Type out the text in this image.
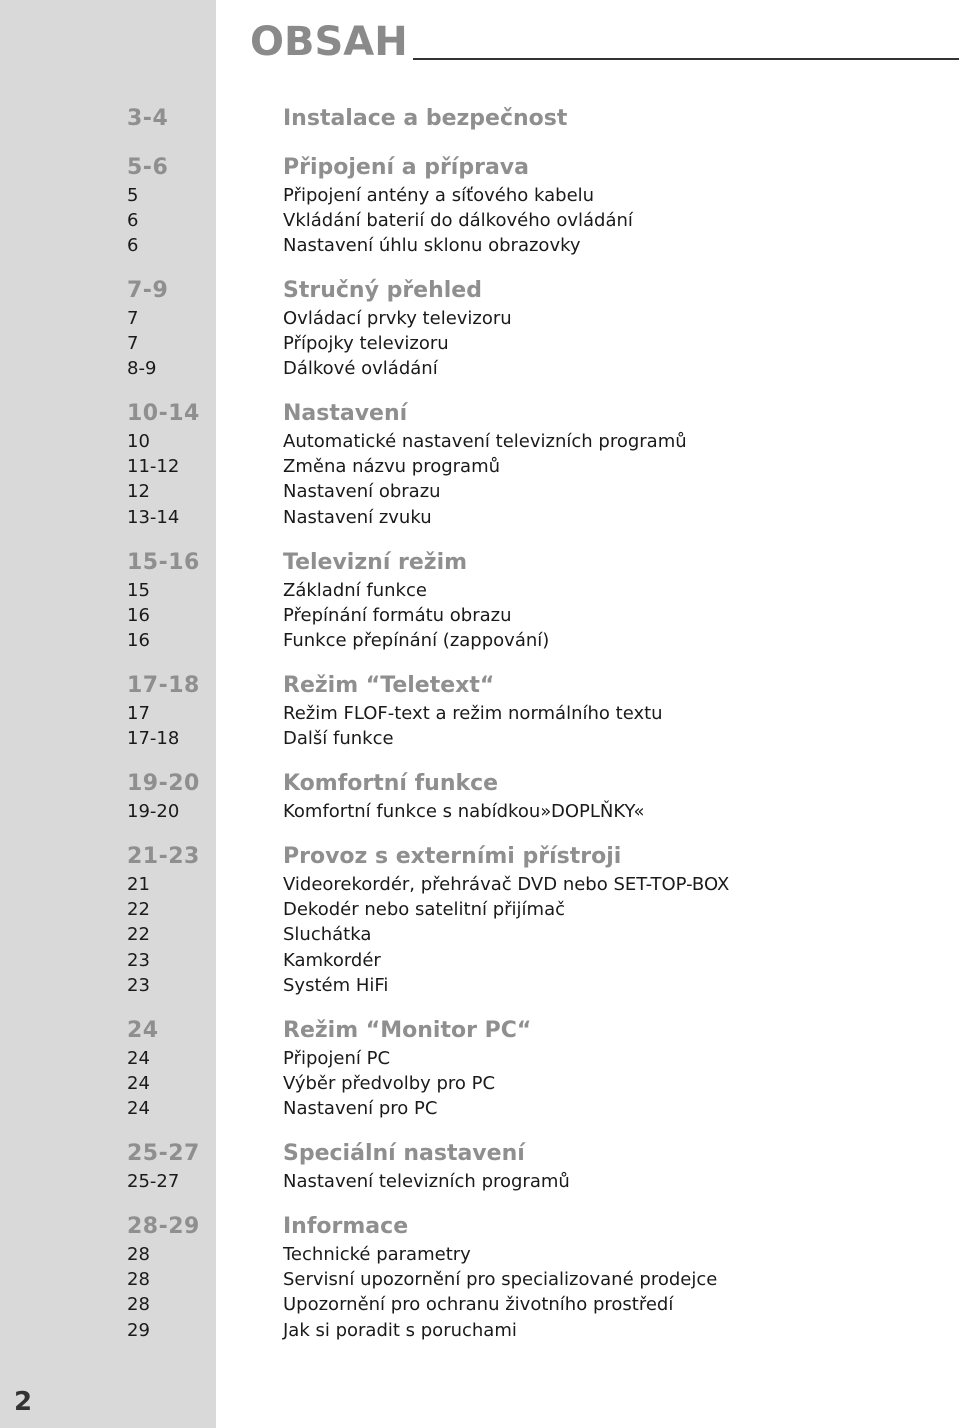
OBSAH
3-4	Instalace a bezpečnost
5-6	Připojení a příprava
5	Připojení antény a síťového kabelu
6	Vkládání baterií do dálkového ovládání
6	Nastavení úhlu sklonu obrazovky
7-9	Stručný přehled
7	Ovládací prvky televizoru
7	Přípojky televizoru
8-9	Dálkové ovládání
10-14	Nastavení
10	Automatické nastavení televizních programů
11-12	Změna názvu programů
12	Nastavení obrazu
13-14	Nastavení zvuku
15-16	Televizní režim
15	Základní funkce
16	Přepínání formátu obrazu
16	Funkce přepínání (zappování)
17-18	Režim “Teletext“
17	Režim FLOF-text a režim normálního textu
17-18	Další funkce
19-20	Komfortní funkce
19-20	Komfortní funkce s nabídkou»DOPLŇKY«
21-23	Provoz s externími přístroji
21	Videorekordér, přehrávač DVD nebo SET-TOP-BOX
22	Dekodér nebo satelitní přijímač
22	Sluchátka
23	Kamkordér
23	Systém HiFi
24	Režim “Monitor PC“
24	Připojení PC
24	Výběr předvolby pro PC
24	Nastavení pro PC
25-27	Speciální nastavení
25-27	Nastavení televizních programů
28-29	Informace
28	Technické parametry
28	Servisní upozornění pro specializované prodejce
28	Upozornění pro ochranu životního prostředí
29	Jak si poradit s poruchami
2
